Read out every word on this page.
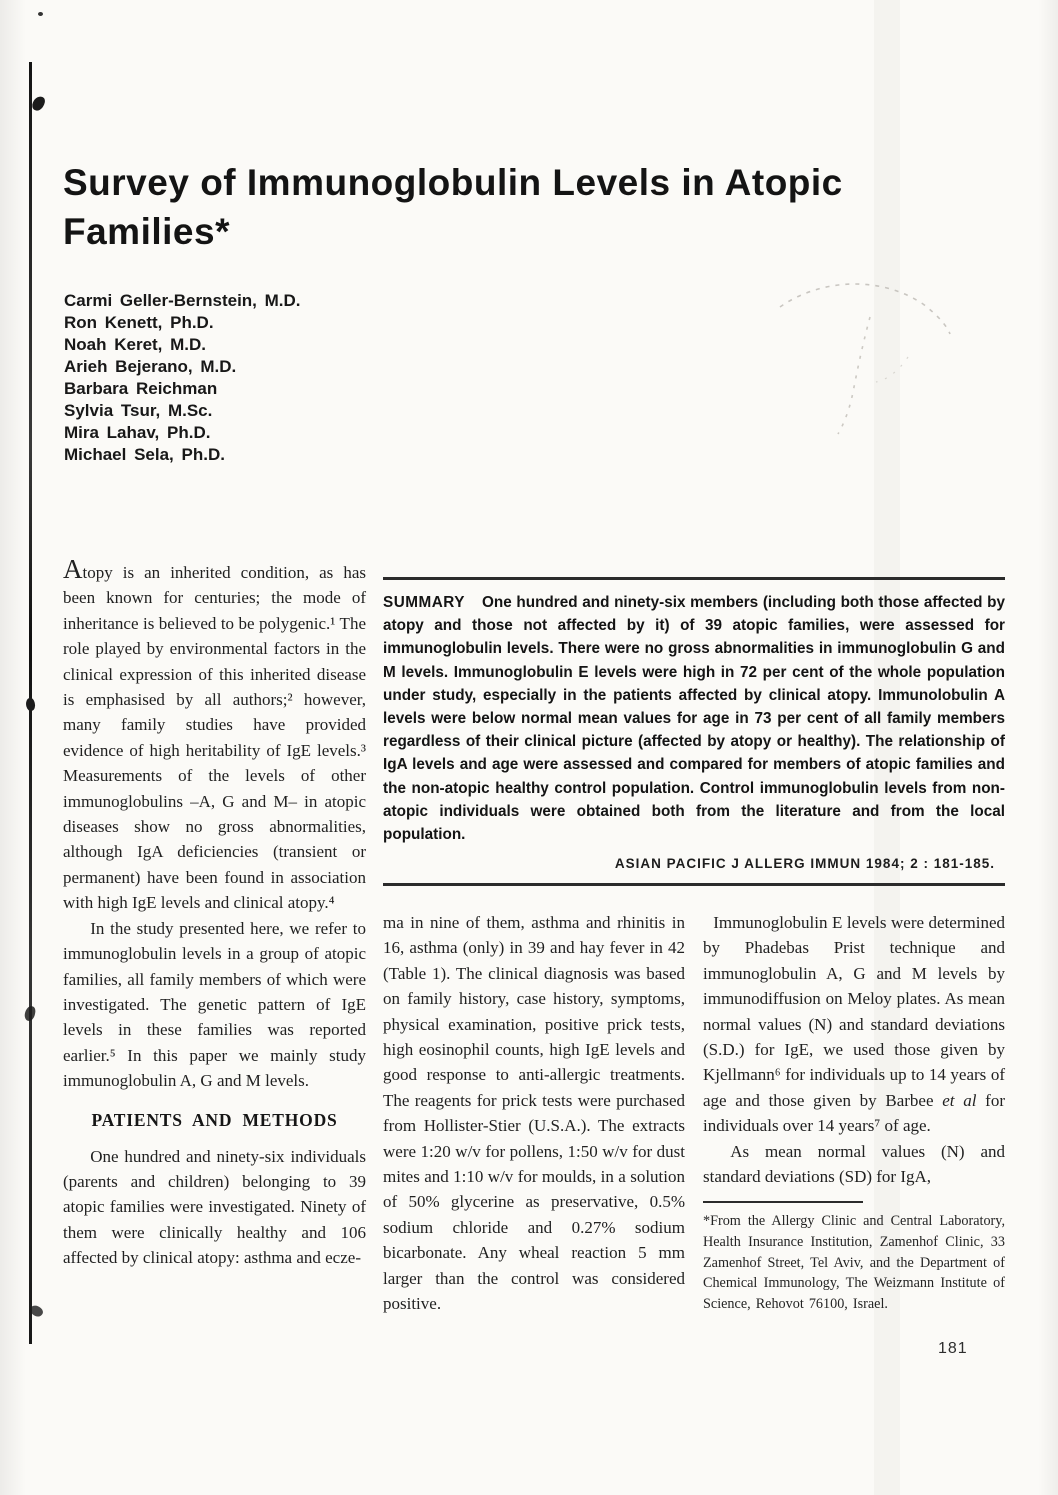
Survey of Immunoglobulin Levels in Atopic
Families*
Carmi Geller-Bernstein, M.D.
Ron Kenett, Ph.D.
Noah Keret, M.D.
Arieh Bejerano, M.D.
Barbara Reichman
Sylvia Tsur, M.Sc.
Mira Lahav, Ph.D.
Michael Sela, Ph.D.

SUMMARY One hundred and ninety-six members (including both those affected by atopy and those not affected by it) of 39 atopic families, were assessed for immunoglobulin levels. There were no gross abnormalities in immunoglobulin G and M levels. Immunoglobulin E levels were high in 72 per cent of the whole population under study, especially in the patients affected by clinical atopy. Immunolobulin A levels were below normal mean values for age in 73 per cent of all family members regardless of their clinical picture (affected by atopy or healthy). The relationship of IgA levels and age were assessed and compared for members of atopic families and the non-atopic healthy control population. Control immunoglobulin levels from non-atopic individuals were obtained both from the literature and from the local population.

ASIAN PACIFIC J ALLERG IMMUN 1984; 2 : 181-185.

Atopy is an inherited condition, as has been known for centuries; the mode of inheritance is believed to be polygenic.¹ The role played by environmental factors in the clinical expression of this inherited disease is emphasised by all authors;² however, many family studies have provided evidence of high heritability of IgE levels.³ Measurements of the levels of other immunoglobulins –A, G and M– in atopic diseases show no gross abnormalities, although IgA deficiencies (transient or permanent) have been found in association with high IgE levels and clinical atopy.⁴

In the study presented here, we refer to immunoglobulin levels in a group of atopic families, all family members of which were investigated. The genetic pattern of IgE levels in these families was reported earlier.⁵ In this paper we mainly study immunoglobulin A, G and M levels.

PATIENTS AND METHODS

One hundred and ninety-six individuals (parents and children) belonging to 39 atopic families were investigated. Ninety of them were clinically healthy and 106 affected by clinical atopy: asthma and ecze-

ma in nine of them, asthma and rhinitis in 16, asthma (only) in 39 and hay fever in 42 (Table 1). The clinical diagnosis was based on family history, case history, symptoms, physical examination, positive prick tests, high eosinophil counts, high IgE levels and good response to anti-allergic treatments. The reagents for prick tests were purchased from Hollister-Stier (U.S.A.). The extracts were 1:20 w/v for pollens, 1:50 w/v for dust mites and 1:10 w/v for moulds, in a solution of 50% glycerine as preservative, 0.5% sodium chloride and 0.27% sodium bicarbonate. Any wheal reaction 5 mm larger than the control was considered positive.

Immunoglobulin E levels were determined by Phadebas Prist technique and immunoglobulin A, G and M levels by immunodiffusion on Meloy plates. As mean normal values (N) and standard deviations (S.D.) for IgE, we used those given by Kjellmann⁶ for individuals up to 14 years of age and those given by Barbee et al for individuals over 14 years⁷ of age.

As mean normal values (N) and standard deviations (SD) for IgA,

*From the Allergy Clinic and Central Laboratory, Health Insurance Institution, Zamenhof Clinic, 33 Zamenhof Street, Tel Aviv, and the Department of Chemical Immunology, The Weizmann Institute of Science, Rehovot 76100, Israel.

181
